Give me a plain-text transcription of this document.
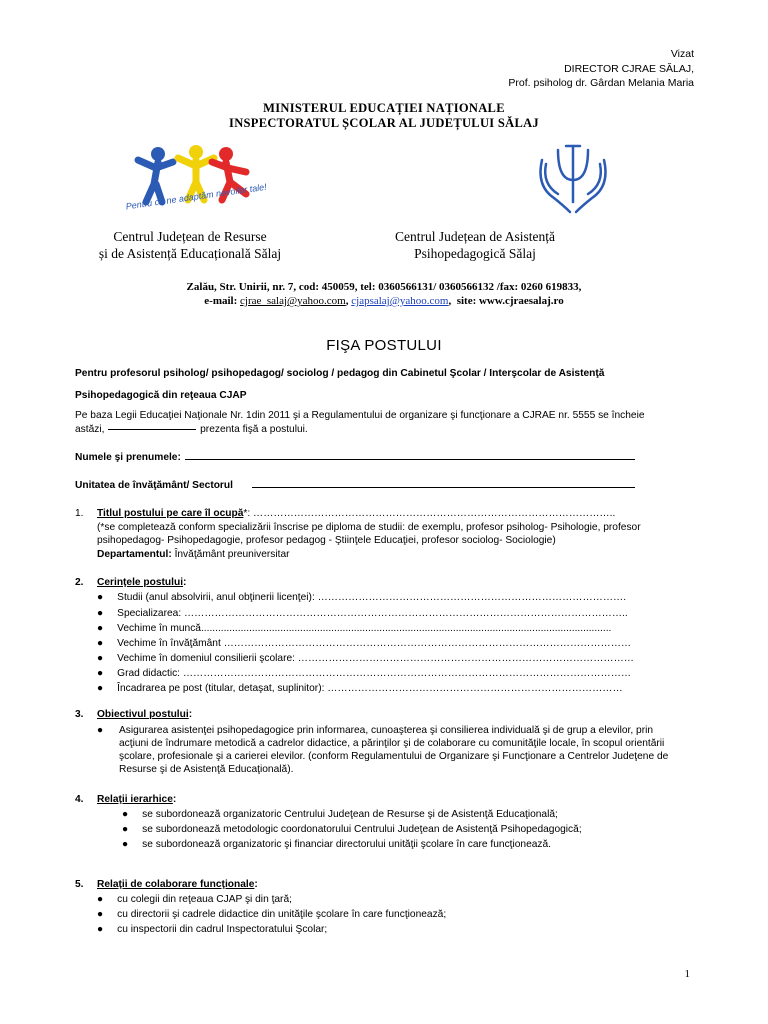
Vizat
DIRECTOR CJRAE SĂLAJ,
Prof. psiholog dr. Gârdan Melania Maria
MINISTERUL EDUCAȚIEI NAȚIONALE
INSPECTORATUL ȘCOLAR AL JUDEȚULUI SĂLAJ
Pentru că ne adaptăm nevoilor tale!
Centrul Județean de Resurse
și de Asistență Educațională Sălaj
Centrul Județean de Asistență
Psihopedagogică Sălaj
Zalău, Str. Unirii, nr. 7, cod: 450059, tel: 0360566131/ 0360566132 /fax: 0260 619833,
e-mail: cjrae_salaj@yahoo.com, cjapsalaj@yahoo.com,  site: www.cjraesalaj.ro
FIŞA POSTULUI
Pentru profesorul psiholog/ psihopedagog/ sociolog / pedagog din Cabinetul Şcolar / Interşcolar de Asistenţă
Psihopedagogică din reţeaua CJAP
Pe baza Legii Educaţiei Naţionale Nr. 1din 2011 şi a Regulamentului de organizare şi funcţionare a CJRAE nr. 5555 se încheie
astăzi,	prezenta fişă a postului.
Numele şi prenumele:
Unitatea de învăţământ/ Sectorul
1. Titlul postului pe care îl ocupă*: ……………………………………………………………………………………………..
(*se completează conform specializării înscrise pe diploma de studii: de exemplu, profesor psiholog- Psihologie, profesor
psihopedagog- Psihopedagogie, profesor pedagog - Ştiinţele Educaţiei, profesor sociolog- Sociologie)
Departamentul: Învăţământ preuniversitar
2. Cerinţele postului:
● Studii (anul absolvirii, anul obţinerii licenţei): ……………………………………………………………………………….
● Specializarea: …………………………………………………………………………………………………………………..
● Vechime în muncă.................................................................................................................................................
● Vechime în învăţământ …………………………………………………………………………………………………………
● Vechime în domeniul consilierii şcolare: ………………………………………………………………………………………
● Grad didactic: ……………………………………………………………………………………………………………………
● Încadrarea pe post (titular, detaşat, suplinitor): ……………………………………………………………………………
3. Obiectivul postului:
● Asigurarea asistenţei psihopedagogice prin informarea, cunoaşterea şi consilierea individuală şi de grup a elevilor, prin
acţiuni de îndrumare metodică a cadrelor didactice, a părinţilor şi de colaborare cu comunităţile locale, în scopul orientării
şcolare, profesionale şi a carierei elevilor. (conform Regulamentului de Organizare şi Funcţionare a Centrelor Judeţene de
Resurse şi de Asistenţă Educaţională).
4. Relaţii ierarhice:
● se subordonează organizatoric Centrului Judeţean de Resurse şi de Asistenţă Educaţională;
● se subordonează metodologic coordonatorului Centrului Judeţean de Asistenţă Psihopedagogică;
● se subordonează organizatoric şi financiar directorului unităţii şcolare în care funcţionează.
5. Relaţii de colaborare funcţionale:
● cu colegii din reţeaua CJAP şi din ţară;
● cu directorii şi cadrele didactice din unităţile şcolare în care funcţionează;
● cu inspectorii din cadrul Inspectoratului Şcolar;
1
